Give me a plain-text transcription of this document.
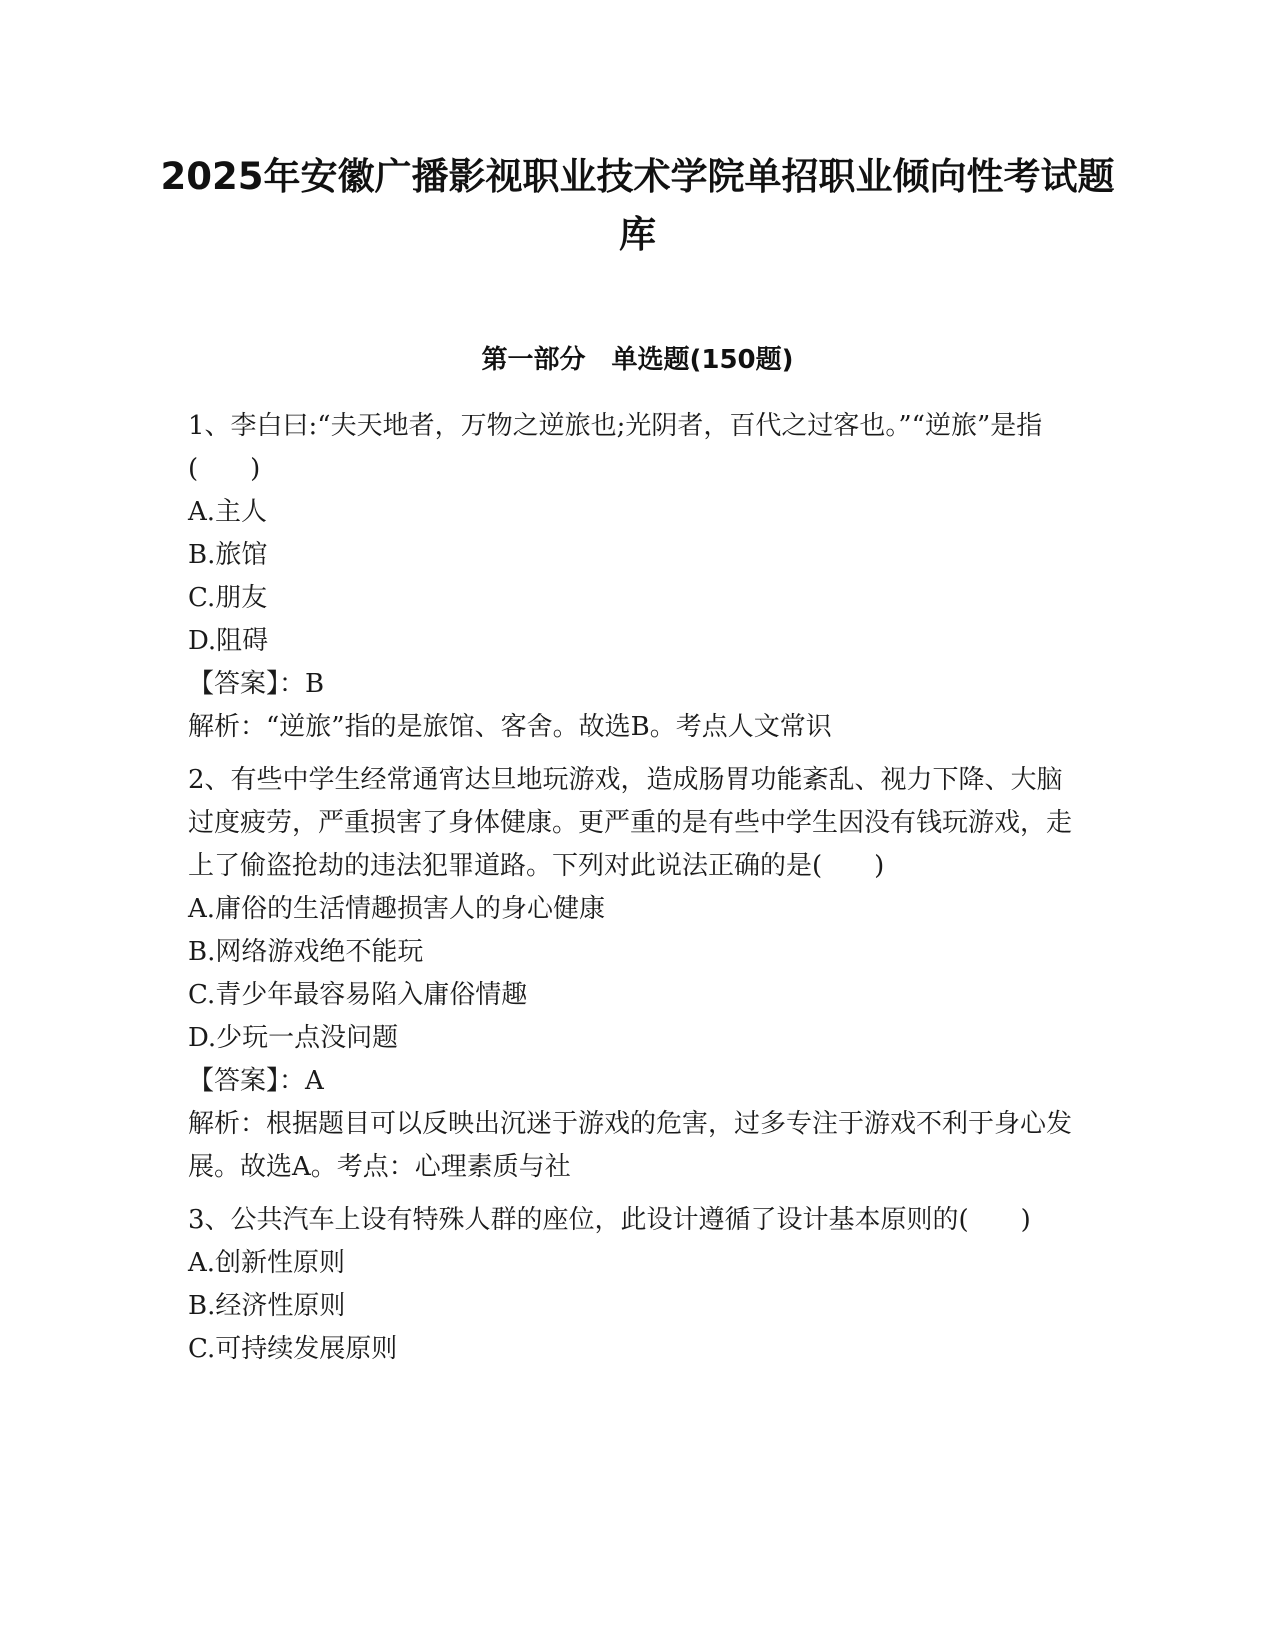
2025年安徽广播影视职业技术学院单招职业倾向性考试题库
第一部分　单选题(150题)
1、李白曰:“夫天地者，万物之逆旅也;光阴者，百代之过客也。”“逆旅”是指(　　)
A.主人
B.旅馆
C.朋友
D.阻碍
【答案】：B
解析：“逆旅”指的是旅馆、客舍。故选B。考点人文常识
2、有些中学生经常通宵达旦地玩游戏，造成肠胃功能紊乱、视力下降、大脑过度疲劳，严重损害了身体健康。更严重的是有些中学生因没有钱玩游戏，走上了偷盗抢劫的违法犯罪道路。下列对此说法正确的是(　　)
A.庸俗的生活情趣损害人的身心健康
B.网络游戏绝不能玩
C.青少年最容易陷入庸俗情趣
D.少玩一点没问题
【答案】：A
解析：根据题目可以反映出沉迷于游戏的危害，过多专注于游戏不利于身心发展。故选A。考点：心理素质与社
3、公共汽车上设有特殊人群的座位，此设计遵循了设计基本原则的(　　)
A.创新性原则
B.经济性原则
C.可持续发展原则
